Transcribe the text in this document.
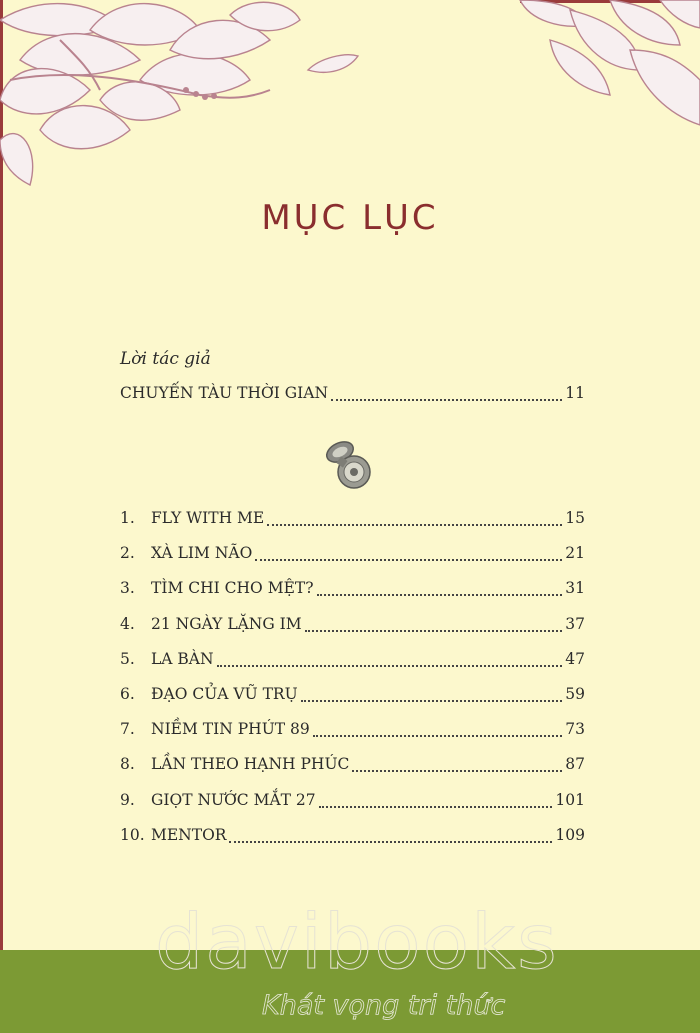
MỤC LỤC
Lời tác giả
CHUYẾN TÀU THỜI GIAN	11
1.	FLY WITH ME	15
2.	XÀ LIM NÃO	21
3.	TÌM CHI CHO MỆT?	31
4.	21 NGÀY LẶNG IM	37
5.	LA BÀN	47
6.	ĐẠO CỦA VŨ TRỤ	59
7.	NIỀM TIN PHÚT 89	73
8.	LẦN THEO HẠNH PHÚC	87
9.	GIỌT NƯỚC MẮT 27	101
10. MENTOR	109
davibooks
Khát vọng tri thức
